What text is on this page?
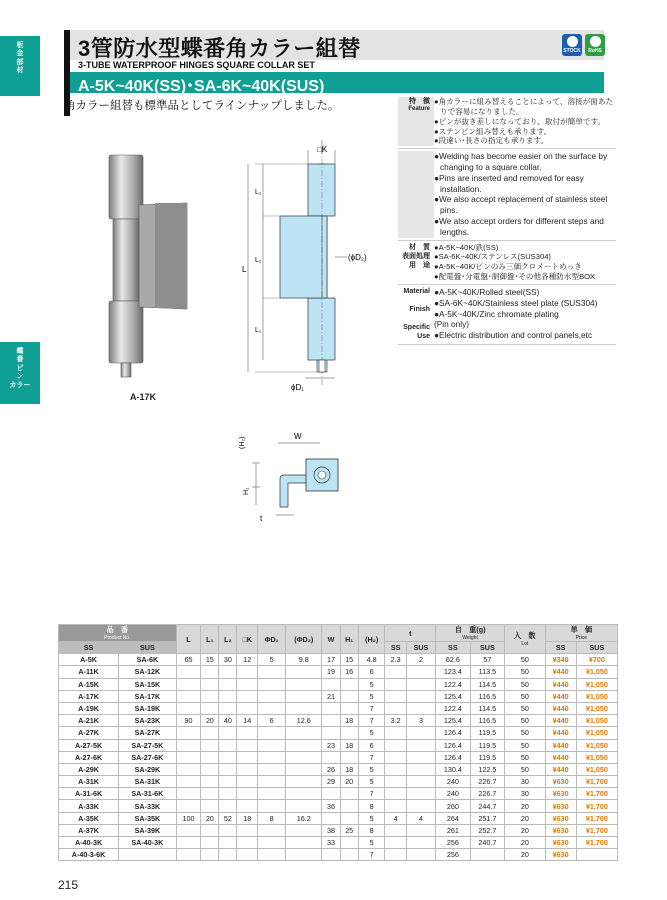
板
金
部
材
蝶
番
ピ
ン
カラー
3管防水型蝶番角カラー組替
3-TUBE WATERPROOF HINGES SQUARE COLLAR SET
A-5K~40K(SS)･SA-6K~40K(SUS)
STOCK RoHS
角カラー組替も標準品としてラインナップしました。
A-17K
□K
L
L₁
L₂
L₁
(ϕD₂)
ϕD₁
(H₂)
W
H₁
t
特　徴
Feature
●角カラーに組み替えることによって、溶接が面あたりで容易になりました。
●ピンが抜き差しになっており、取付が簡単です。
●ステンピン組み替えも承ります。
●段違い･長さの指定も承ります。
●Welding has become easier on the surface by changing to a square collar.
●Pins are inserted and removed for easy installation.
●We also accept replacement of stainless steel pins.
●We also accept orders for different steps and lengths.
材　質
表面処理
用　途
●A-5K~40K/鉄(SS)
●SA-6K~40K/ステンレス(SUS304)
●A-5K~40K/ピンのみ三価クロメートめっき
●配電盤･分電盤･制御盤･その他各種防水型BOX
Material

Finish

Specific Use
●A-5K~40K/Rolled steel(SS)
●SA-6K~40K/Stainless steel plate (SUS304)
●A-5K~40K/Zinc chromate plating
(Pin only)
●Electric distribution and control panels,etc
品　番
Product No.		L	L₁	L₂	□K	ΦD₁	(ΦD₂)	W	H₁	(H₂)	t		自　重(g)
Weight		入　数
Lot	単　価
Price	

SS	SUS										SS	SUS	SS	SUS		SS	SUS
A-5K	SA-6K	65	15	30	12	5	9.8	17	15	4.8	2.3	2	62.6	57	50	¥340	¥700
A-11K	SA-12K							19	16	6			123.4	113.5	50	¥440	¥1,050
A-15K	SA-15K									5			122.4	114.5	50	¥440	¥1,050
A-17K	SA-17K							21		5			125.4	116.5	50	¥440	¥1,050
A-19K	SA-19K									7			122.4	114.5	50	¥440	¥1,050
A-21K	SA-23K	90	20	40	14	6	12.6		18	7	3.2	3	125.4	116.5	50	¥440	¥1,050
A-27K	SA-27K									5			126.4	119.5	50	¥440	¥1,050
A-27-5K	SA-27-5K							23	18	6			126.4	119.5	50	¥440	¥1,050
A-27-6K	SA-27-6K									7			126.4	119.5	50	¥440	¥1,050
A-29K	SA-29K							26	18	5			130.4	122.5	50	¥440	¥1,050
A-31K	SA-31K							29	20	5			240	226.7	30	¥630	¥1,700
A-31-6K	SA-31-6K									7			240	226.7	30	¥630	¥1,700
A-33K	SA-33K							36		8			260	244.7	20	¥630	¥1,700
A-35K	SA-35K	100	20	52	18	8	16.2			5	4	4	264	251.7	20	¥630	¥1,700
A-37K	SA-39K							38	25	8			261	252.7	20	¥630	¥1,700
A-40-3K	SA-40-3K							33		5			256	240.7	20	¥630	¥1,700
A-40-3-6K										7			256		20	¥630	
215
